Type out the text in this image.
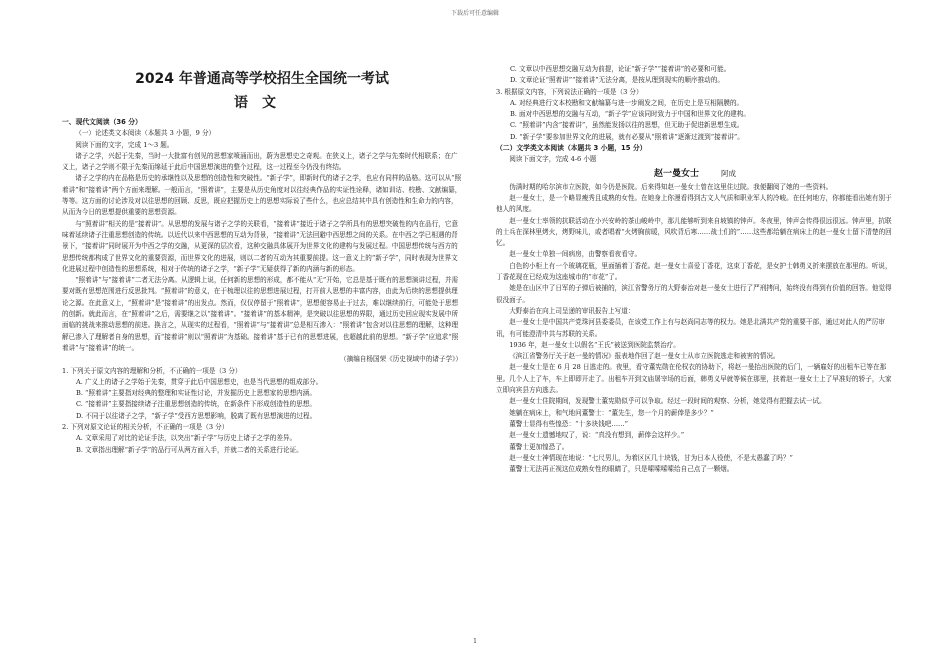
下载后可任意编辑
2024 年普通高等学校招生全国统一考试
语文

一、现代文阅读（36 分）

（一）论述类文本阅读（本题共 3 小题，9 分）

阅读下面的文字，完成 1～3 题。

诸子之学，兴起于先秦，当时一大批富有创见的思想家喷涌而出，蔚为思想史之奇观。在狭义上，诸子之学与先秦时代相联系；在广义上，诸子之学则不限于先秦而绵延于此后中国思想演进的整个过程，这一过程至今仍没有终结。

诸子之学的内在品格是历史的承继性以及思想的创造性和突破性。“新子学”，即新时代的诸子之学，也应有同样的品格。这可以从“照着讲”和“接着讲”两个方面来理解。一般而言，“照着讲”，主要是从历史角度对以往经典作品的实证性诠释，诸如训诂、校勘、文献编纂，等等。这方面的讨论涉及对以往思想的回顾、反思，既应把握历史上的思想实际说了些什么，也应总结其中具有创造性和生命力的内容，从而为今日的思想提供重要的思想资源。

与“照着讲”相关的是“接着讲”。从思想的发展与诸子之学的关联看，“接着讲”接近于诸子之学所具有的思想突破性的内在品行，它意味着延续诸子注重思想创造的传统。以近代以来中西思想的互动为背景，“接着讲”无法回避中西思想之间的关系。在中西之学已相遇的背景下，“接着讲”同时展开为中西之学的交融，从更深的层次看，这种交融具体展开为世界文化的建构与发展过程。中国思想传统与西方的思想传统都构成了世界文化的重要资源，而世界文化的进展，则以二者的互动为其重要前提。这一意义上的“新子学”，同时表现为世界文化进展过程中创造性的思想系统，相对于传统的诸子之学，“新子学”无疑获得了新的内涵与新的形态。

“照着讲”与“接着讲”二者无法分离。从逻辑上说，任何新的思想的形成，都不能从“无”开始，它总是基于既有的思想演讲过程，并需要对既有思想范围进行反思批判。“照着讲”的意义，在于梳理以往的思想进展过程，打开前人思想的丰富内容，由此为后续的思想提供理论之源。在此意义上，“照着讲”是“接着讲”的出发点。然而，仅仅停留于“照着讲”，思想便容易止于过去，难以继续前行，可能处于思想的创新。就此而言，在“照着讲”之后，需要继之以“接着讲”。“接着讲”的基本精神，是突破以往思想的界限，通过历史回应现实发展中所面临的挑战来推动思想的前进。换言之，从现实的过程看，“照着讲”与“接着讲”总是相互渗入：“照着讲”包含对以往思想的理解，这种理解已渗入了理解者自身的思想，而“接着讲”则以“照着讲”为基础。接着讲”基于已有的思想进展，也超越此前的思想。“新子学”应追求“照着讲”与“接着讲”的统一。

（摘编自杨国荣《历史视域中的诸子学》）

1. 下列关于原文内容的理解和分析，不正确的一项是（3 分）

A. 广义上的诸子之学始于先秦，贯穿于此后中国思想史，也是当代思想的组成部分。

B. “照着讲”主要指对经典的整理和实证性讨论，并发掘历史上思想家的思想内涵。

C. “接着讲”主要指接续诸子注重思想创造的传统，在新条件下形成创造性的思想。

D. 不同于以往诸子之学，“新子学”受西方思想影响，脱离了既有思想演进的过程。

2. 下列对原文论证的相关分析，不正确的一项是（3 分）

A. 文章采用了对比的论证手法，以突出“新子学”与历史上诸子之学的差异。

B. 文章指出理解“新子学”的品行可从两方面入手，并就二者的关系进行论证。

C. 文章以中西思想交融互动为前提，论证“新子学”“接着讲”的必要和可能。

D. 文章论证“照着讲”“接着讲”无法分离，是按从理到现实的顺序推动的。

3. 根据原文内容，下列说法正确的一项是（3 分）

A. 对经典进行文本校勘和文献编纂与进一步阐发之间，在历史上是互相隔膜的。

B. 面对中西思想的交融与互动，“新子学”应该同时致力于中国和世界文化的建构。

C. “照着讲”内含“接着讲”，虽然能发扬以往的思想，但无助于促进新思想生成。

D. “新子学”要参加世界文化的进展，就有必要从“照着讲”逐渐过渡到“接着讲”。

（二）文学类文本阅读（本题共 3 小题，15 分）

阅读下面文字，完成 4-6 小题

赵一曼女士	阿成

伪满时期的哈尔滨市立医院，如今仍是医院。后来得知赵一曼女士曾在这里住过院。我便翻阅了她的一些资料。

赵一曼女士，是一个略显瘦秀且成熟的女性。在她身上你漫看得到古文人气质和职业军人的冷峻。在任何地方，你都能看出她有别于他人的风度。

赵一曼女士率领的抗联活动在小兴安岭的茶山峻岭中，那儿能够听到来自坡镇的钟声。冬夜里，钟声会传得很远很远。钟声里，抗联的士兵在深林里烤火，烤野味儿，或者唱着“火烤胸前暖，风吹背后寒……战士们的”……这些都给躺在病床上的赵一曼女士留下清楚的回忆。

赵一曼女士单独一间病房，由警察看夜看守。

白色的小柜上有一个玻璃花瓶，里面插着丁香花。赵一曼女士喜爱丁香花，这束丁香花，是女护士韩勇义折来摆放在那里的。听说，丁香花现在已经成为这座城市的“市花”了。

她是在山区中了日军的子弹后被捕的，滨江省警务厅的大野泰治对赵一曼女士进行了严刑拷问，始终没有得到有价值的回答。他觉得很没面子。

大野泰治在向上司呈递的审讯报告上写道：

赵一曼女士是中国共产党珠河县委委员，在该党工作上有与赵尚同志等的权力。她是北满共产党的重要干部，通过对此人的严厉审讯，有可能澄清中共与苏联的关系。

1936 年，赵一曼女士以假名“王氏”被送到医院监禁治疗。

《滨江省警务厅关于赵一曼的情况》报表地作回了赵一曼女士从市立医院逃走和被害的情况。

赵一曼女士是在 6 月 28 日逃走的。夜里，看守董宪勋在伦权衣的协助下，将赵一曼抬出医院的后门，一辆雇好的出租车已等在那里。几个人上了车，车上即即开走了。出租车开到文庙屠宰场的后面，韩勇义早就等候在那里，扶着赵一曼女士上了早准好的轿子，大家立即向宾县方向逃去。

赵一曼女士住院期间，发现警士董宪勋似乎可以争取。经过一段时间的观察、分析，她觉得有把握去试一试。

她躺在病床上，和气地问董警士：“董先生，您一个月的薪俸是多少？”

董警士显得有些惶恐：“十多块钱吧……”

赵一曼女士遗憾地叹了，说：“真没有想到，薪俸会这样少。”

董警士更加惶恐了。

赵一曼女士神情现在地说：“七尺男儿，为着区区几十块钱，甘为日本人役使，不是太愚蠢了吗？”

董警士无法再正视这位成熟女性的眼睛了，只是嗦嗦嗦嗦给自己点了一颗烟。

1
